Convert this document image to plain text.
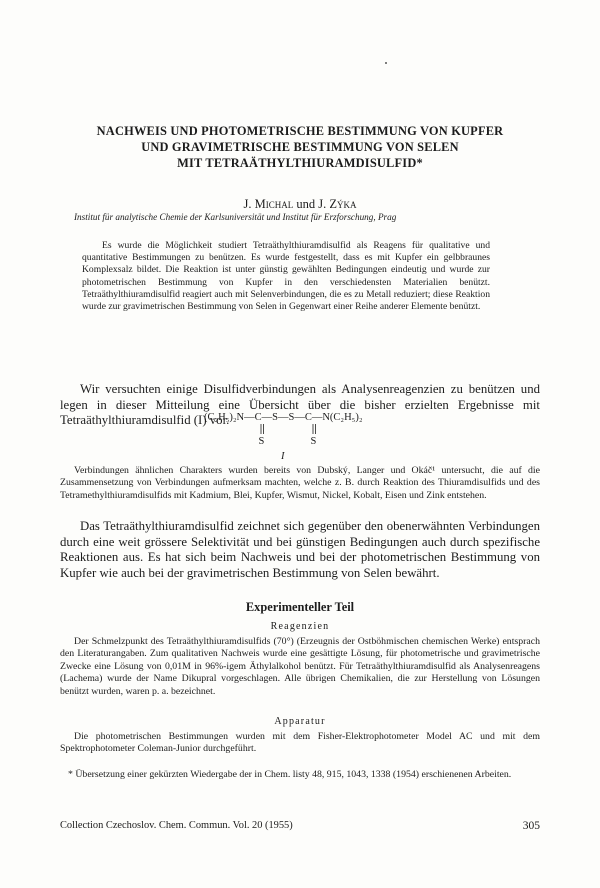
NACHWEIS UND PHOTOMETRISCHE BESTIMMUNG VON KUPFER
UND GRAVIMETRISCHE BESTIMMUNG VON SELEN
MIT TETRAÄTHYLTHIURAMDISULFID*
J. Michal und J. Zýka
Institut für analytische Chemie der Karlsuniversität und Institut für Erzforschung, Prag

Es wurde die Möglichkeit studiert Tetraäthylthiuramdisulfid als Reagens für qualitative und quantitative Bestimmungen zu benützen. Es wurde festgestellt, dass es mit Kupfer ein gelbbraunes Komplexsalz bildet. Die Reaktion ist unter günstig gewählten Bedingungen eindeutig und wurde zur photometrischen Bestimmung von Kupfer in den verschiedensten Materialien benützt. Tetraäthylthiuramdisulfid reagiert auch mit Selenverbindungen, die es zu Metall reduziert; diese Reaktion wurde zur gravimetrischen Bestimmung von Selen in Gegenwart einer Reihe anderer Elemente benützt.

Wir versuchten einige Disulfidverbindungen als Analysenreagenzien zu benützen und legen in dieser Mitteilung eine Übersicht über die bisher erzielten Ergebnisse mit Tetraäthylthiuramdisulfid (I) vor.

(C₂H₅)₂N—C—S—S—C—N(C₂H₅)₂
S	S
I

Verbindungen ähnlichen Charakters wurden bereits von Dubský, Langer und Okáč¹ untersucht, die auf die Zusammensetzung von Verbindungen aufmerksam machten, welche z. B. durch Reaktion des Thiuramdisulfids und des Tetramethylthiuramdisulfids mit Kadmium, Blei, Kupfer, Wismut, Nickel, Kobalt, Eisen und Zink entstehen.

Das Tetraäthylthiuramdisulfid zeichnet sich gegenüber den obenerwähnten Verbindungen durch eine weit grössere Selektivität und bei günstigen Bedingungen auch durch spezifische Reaktionen aus. Es hat sich beim Nachweis und bei der photometrischen Bestimmung von Kupfer wie auch bei der gravimetrischen Bestimmung von Selen bewährt.

Experimenteller Teil
Reagenzien

Der Schmelzpunkt des Tetraäthylthiuramdisulfids (70°) (Erzeugnis der Ostböhmischen chemischen Werke) entsprach den Literaturangaben. Zum qualitativen Nachweis wurde eine gesättigte Lösung, für photometrische und gravimetrische Zwecke eine Lösung von 0,01M in 96%-igem Äthylalkohol benützt. Für Tetraäthylthiuramdisulfid als Analysenreagens (Lachema) wurde der Name Dikupral vorgeschlagen. Alle übrigen Chemikalien, die zur Herstellung von Lösungen benützt wurden, waren p. a. bezeichnet.

Apparatur

Die photometrischen Bestimmungen wurden mit dem Fisher-Elektrophotometer Model AC und mit dem Spektrophotometer Coleman-Junior durchgeführt.

* Übersetzung einer gekürzten Wiedergabe der in Chem. listy 48, 915, 1043, 1338 (1954) erschienenen Arbeiten.

Collection Czechoslov. Chem. Commun. Vol. 20 (1955)	305
